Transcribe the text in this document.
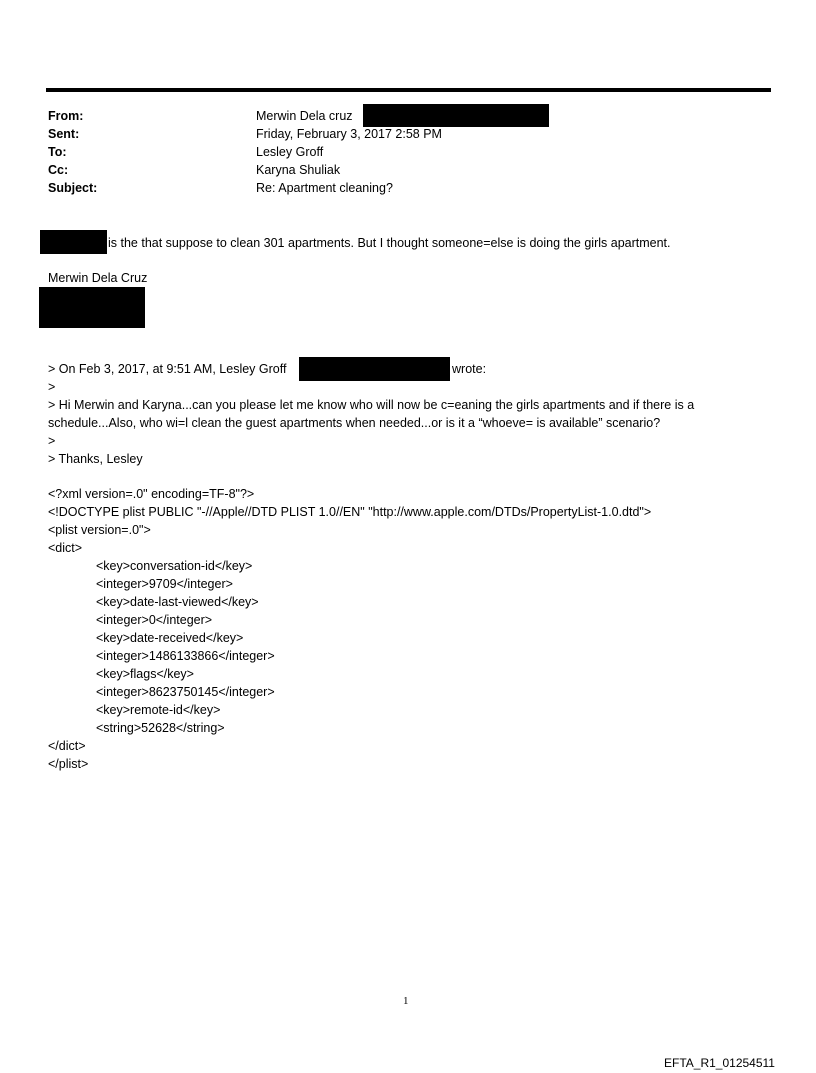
From:
Sent:
To:
Cc:
Subject:
Merwin Dela cruz
Friday, February 3, 2017 2:58 PM
Lesley Groff
Karyna Shuliak
Re: Apartment cleaning?
is the that suppose to clean 301 apartments. But I thought someone=else is doing the girls apartment.
Merwin Dela Cruz
> On Feb 3, 2017, at 9:51 AM, Lesley Groff	wrote:
>
> Hi Merwin and Karyna...can you please let me know who will now be c=eaning the girls apartments and if there is a
schedule...Also, who wi=l clean the guest apartments when needed...or is it a “whoeve= is available” scenario?
>
> Thanks, Lesley
<?xml version=.0" encoding=TF-8"?>
<!DOCTYPE plist PUBLIC "-//Apple//DTD PLIST 1.0//EN" "http://www.apple.com/DTDs/PropertyList-1.0.dtd">
<plist version=.0">
<dict>
<key>conversation-id</key>
<integer>9709</integer>
<key>date-last-viewed</key>
<integer>0</integer>
<key>date-received</key>
<integer>1486133866</integer>
<key>flags</key>
<integer>8623750145</integer>
<key>remote-id</key>
<string>52628</string>
</dict>
</plist>
1
EFTA_R1_01254511
